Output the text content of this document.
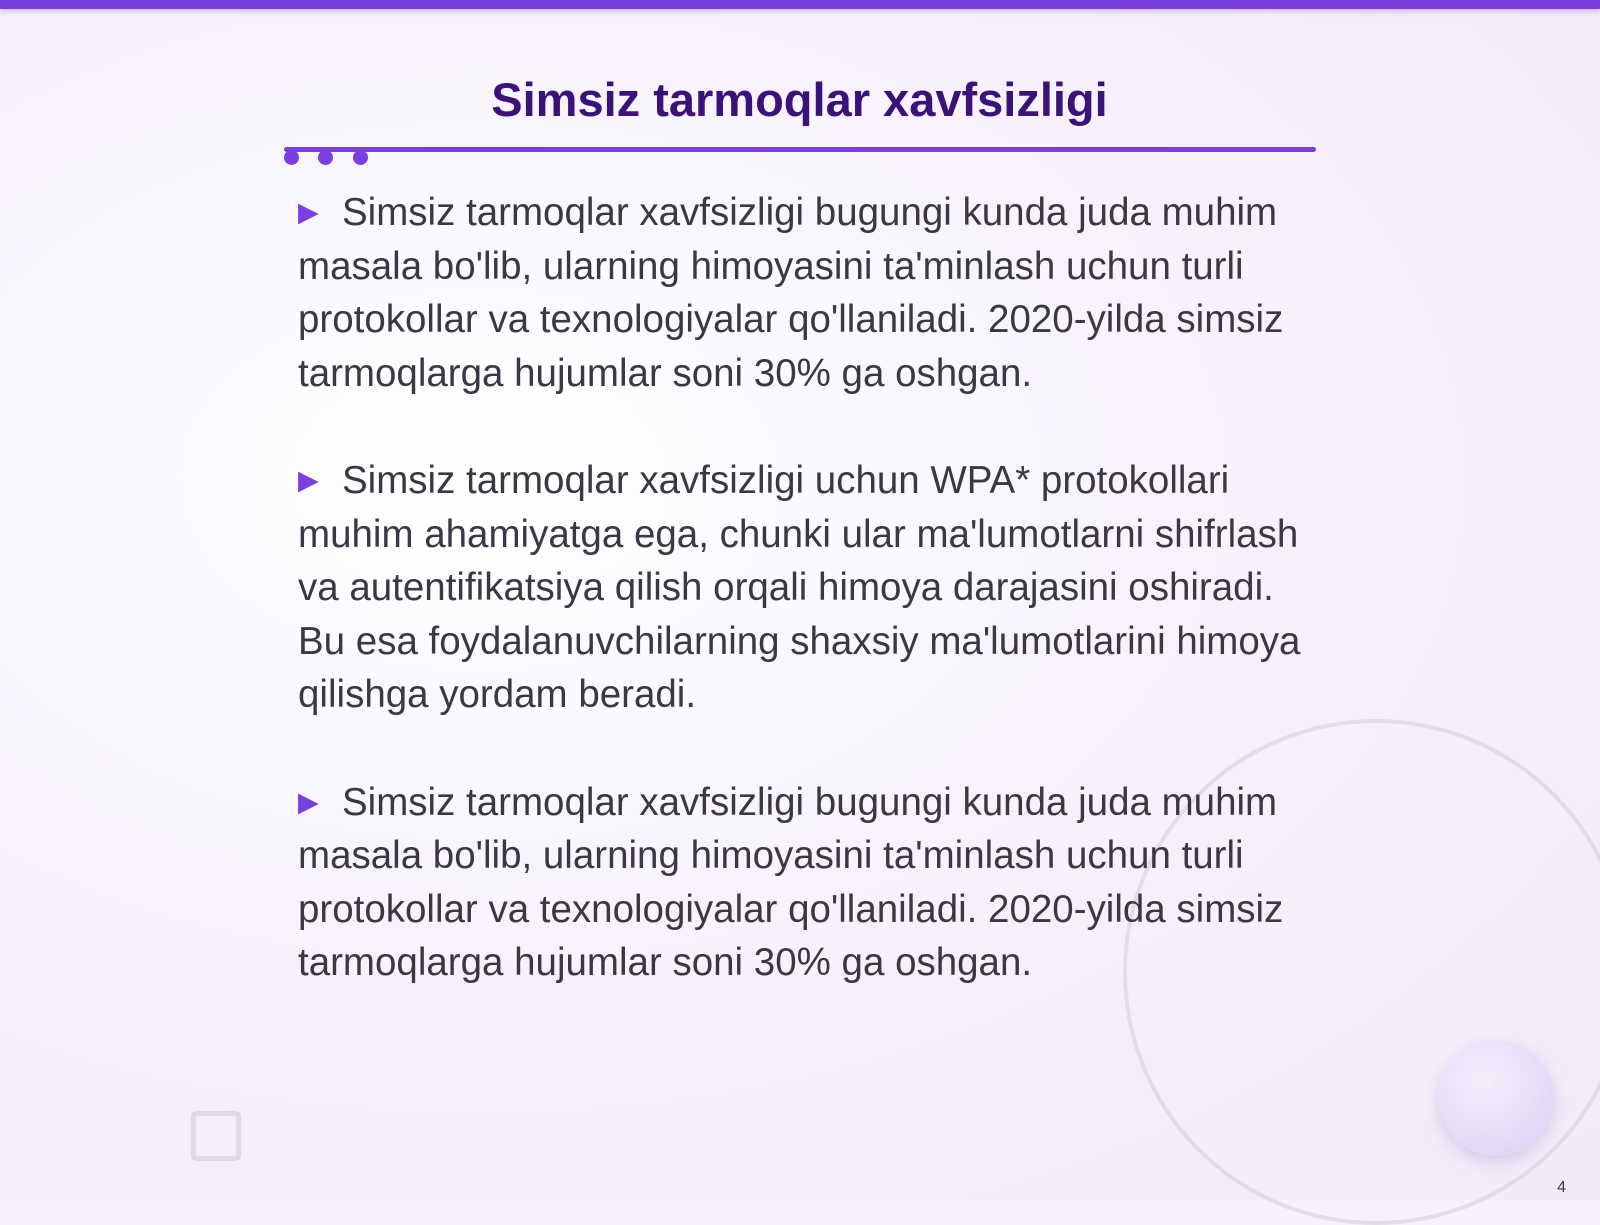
Simsiz tarmoqlar xavfsizligi

▶ Simsiz tarmoqlar xavfsizligi bugungi kunda juda muhim masala bo'lib, ularning himoyasini ta'minlash uchun turli protokollar va texnologiyalar qo'llaniladi. 2020-yilda simsiz tarmoqlarga hujumlar soni 30% ga oshgan.

▶ Simsiz tarmoqlar xavfsizligi uchun WPA* protokollari muhim ahamiyatga ega, chunki ular ma'lumotlarni shifrlash va autentifikatsiya qilish orqali himoya darajasini oshiradi. Bu esa foydalanuvchilarning shaxsiy ma'lumotlarini himoya qilishga yordam beradi.

▶ Simsiz tarmoqlar xavfsizligi bugungi kunda juda muhim masala bo'lib, ularning himoyasini ta'minlash uchun turli protokollar va texnologiyalar qo'llaniladi. 2020-yilda simsiz tarmoqlarga hujumlar soni 30% ga oshgan.

4
